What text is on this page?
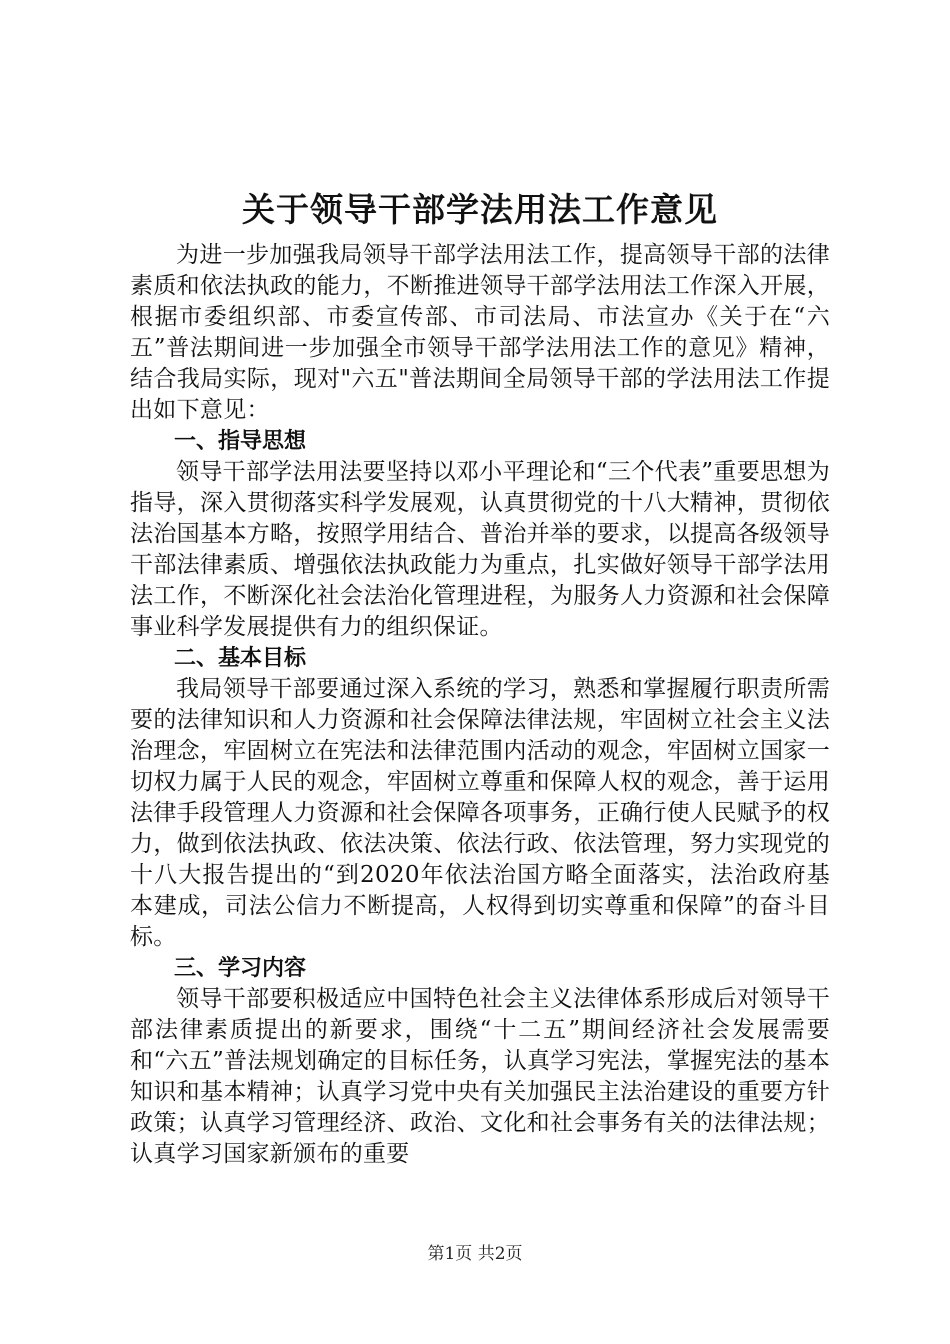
关于领导干部学法用法工作意见

为进一步加强我局领导干部学法用法工作，提高领导干部的法律素质和依法执政的能力，不断推进领导干部学法用法工作深入开展，根据市委组织部、市委宣传部、市司法局、市法宣办《关于在“六五”普法期间进一步加强全市领导干部学法用法工作的意见》精神，结合我局实际，现对"六五"普法期间全局领导干部的学法用法工作提出如下意见：

一、指导思想

领导干部学法用法要坚持以邓小平理论和“三个代表”重要思想为指导，深入贯彻落实科学发展观，认真贯彻党的十八大精神，贯彻依法治国基本方略，按照学用结合、普治并举的要求，以提高各级领导干部法律素质、增强依法执政能力为重点，扎实做好领导干部学法用法工作，不断深化社会法治化管理进程，为服务人力资源和社会保障事业科学发展提供有力的组织保证。

二、基本目标

我局领导干部要通过深入系统的学习，熟悉和掌握履行职责所需要的法律知识和人力资源和社会保障法律法规，牢固树立社会主义法治理念，牢固树立在宪法和法律范围内活动的观念，牢固树立国家一切权力属于人民的观念，牢固树立尊重和保障人权的观念，善于运用法律手段管理人力资源和社会保障各项事务，正确行使人民赋予的权力，做到依法执政、依法决策、依法行政、依法管理，努力实现党的十八大报告提出的“到2020年依法治国方略全面落实，法治政府基本建成，司法公信力不断提高，人权得到切实尊重和保障”的奋斗目标。

三、学习内容

领导干部要积极适应中国特色社会主义法律体系形成后对领导干部法律素质提出的新要求，围绕“十二五”期间经济社会发展需要和“六五”普法规划确定的目标任务，认真学习宪法，掌握宪法的基本知识和基本精神；认真学习党中央有关加强民主法治建设的重要方针政策；认真学习管理经济、政治、文化和社会事务有关的法律法规；认真学习国家新颁布的重要

第1页 共2页
